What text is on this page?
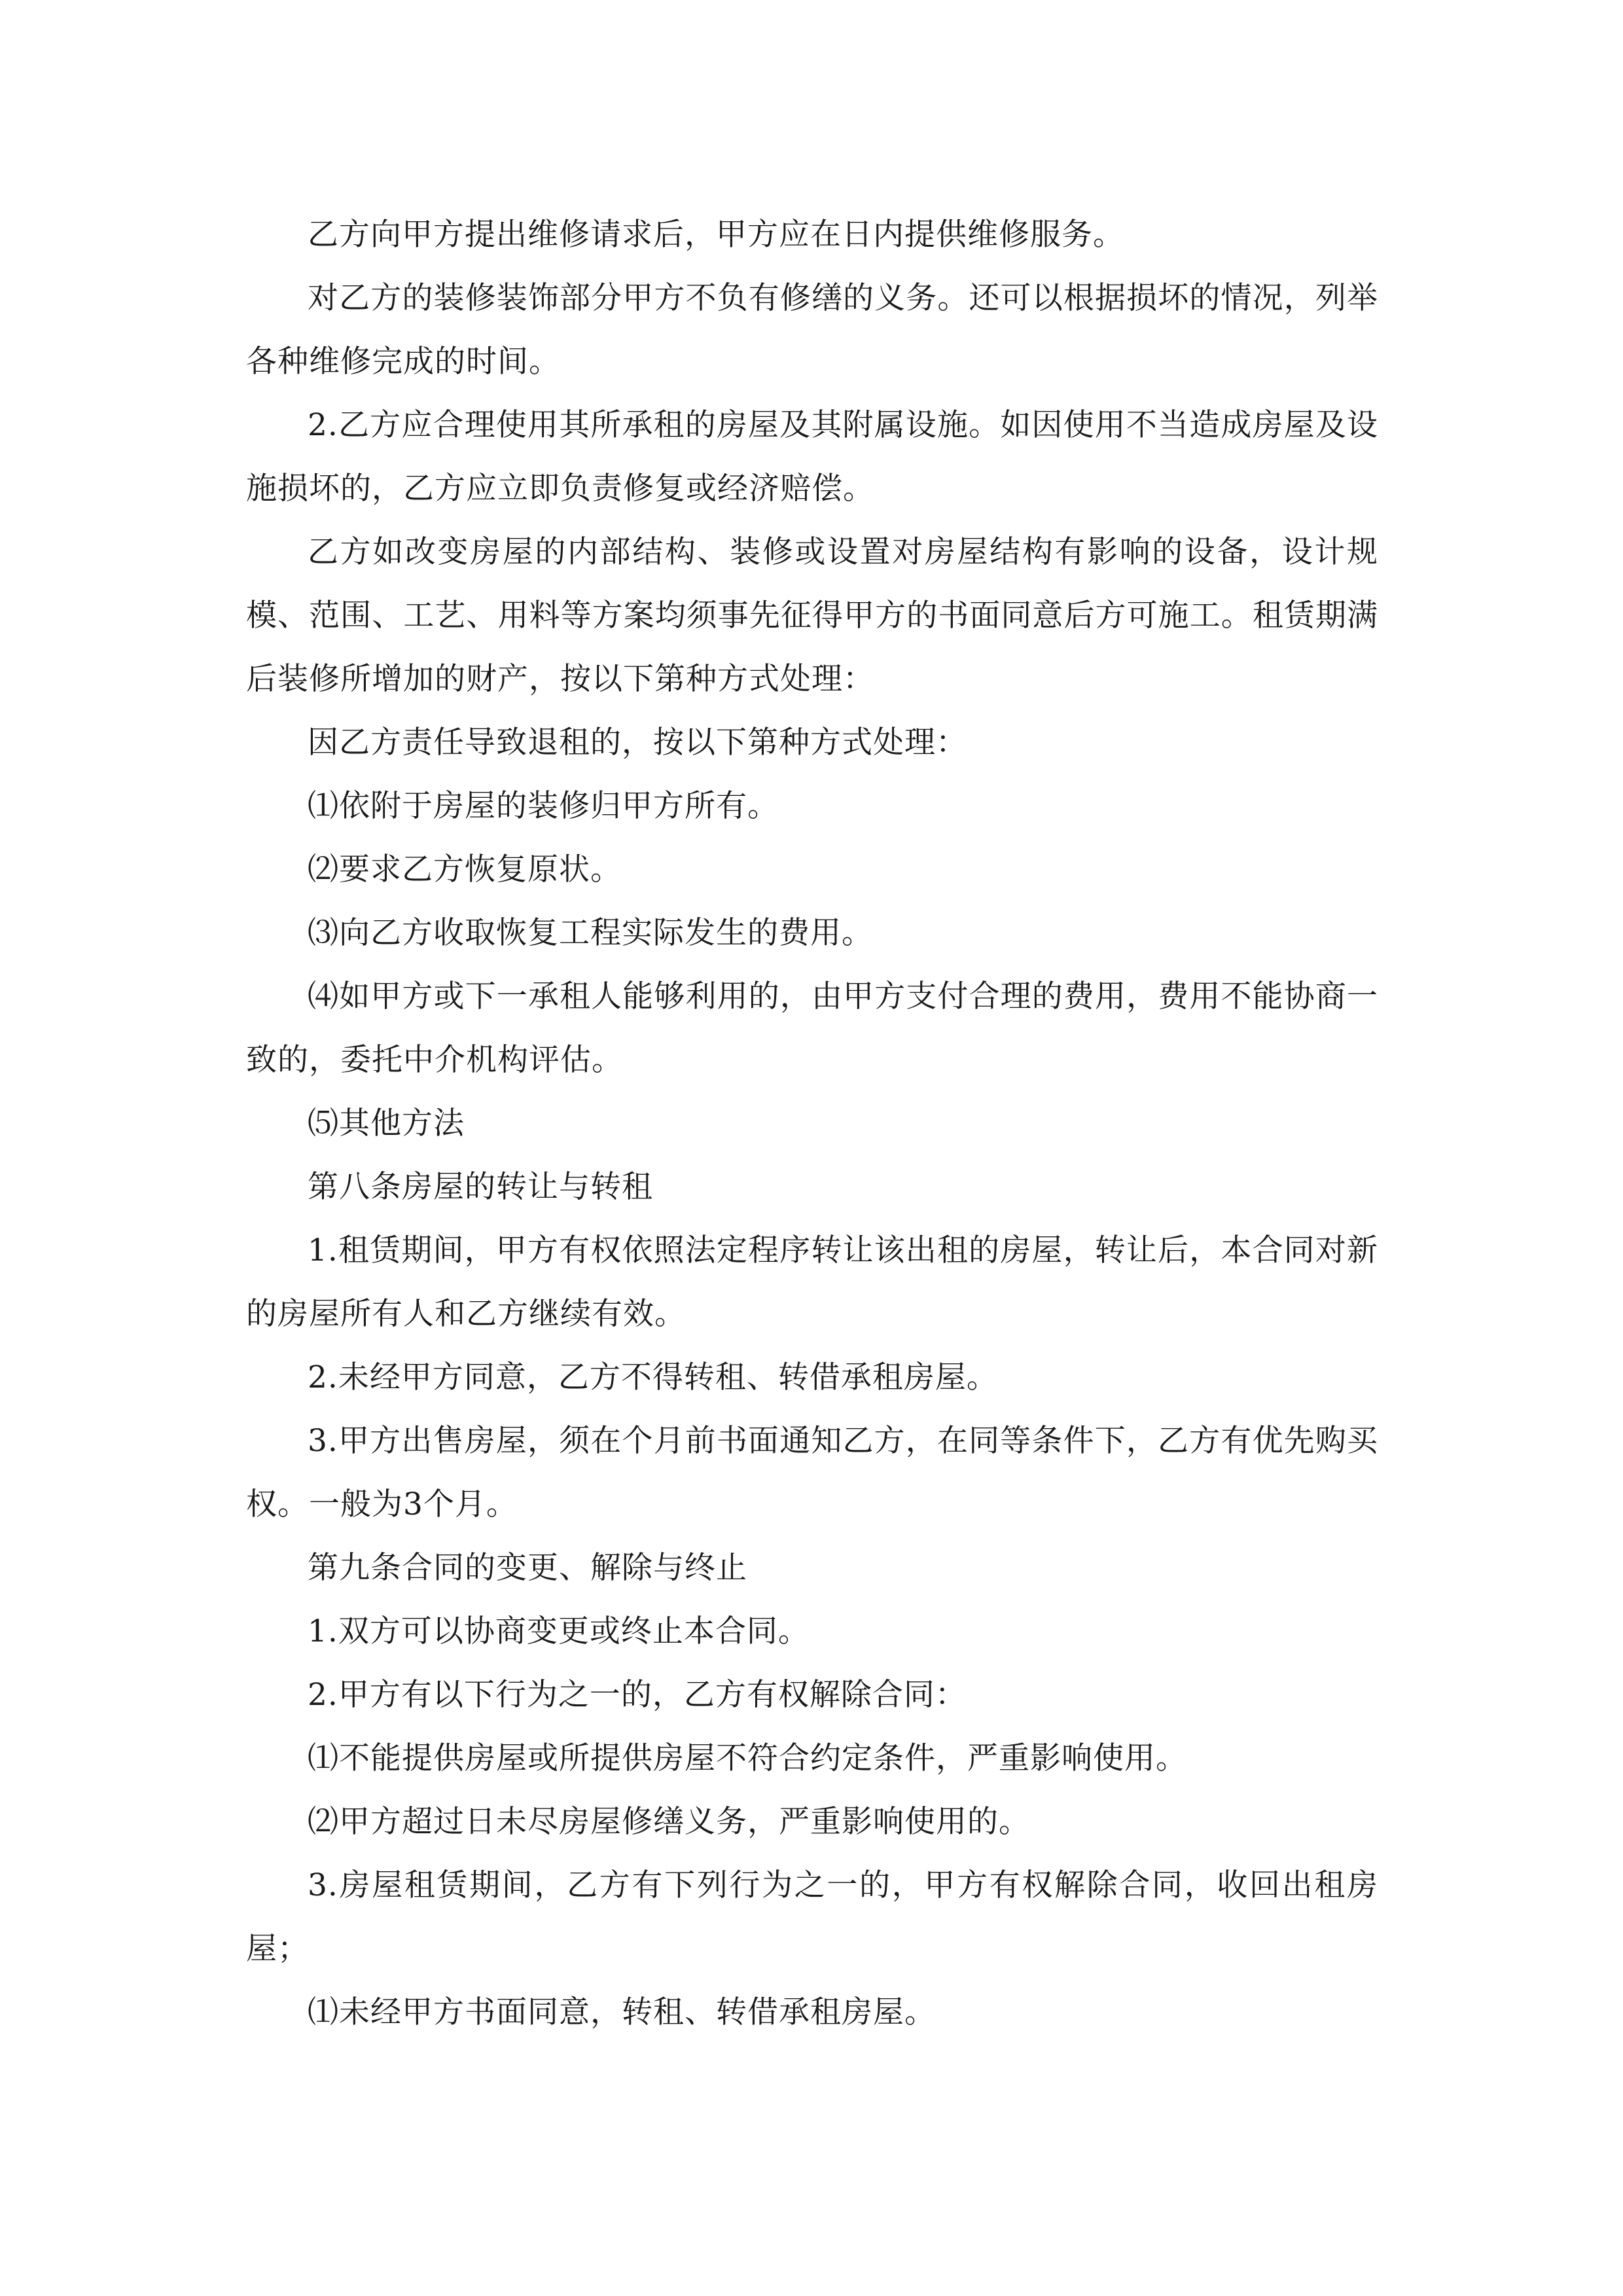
乙方向甲方提出维修请求后，甲方应在日内提供维修服务。

对乙方的装修装饰部分甲方不负有修缮的义务。还可以根据损坏的情况，列举各种维修完成的时间。

2.乙方应合理使用其所承租的房屋及其附属设施。如因使用不当造成房屋及设施损坏的，乙方应立即负责修复或经济赔偿。

乙方如改变房屋的内部结构、装修或设置对房屋结构有影响的设备，设计规模、范围、工艺、用料等方案均须事先征得甲方的书面同意后方可施工。租赁期满后装修所增加的财产，按以下第种方式处理：

因乙方责任导致退租的，按以下第种方式处理：

⑴依附于房屋的装修归甲方所有。

⑵要求乙方恢复原状。

⑶向乙方收取恢复工程实际发生的费用。

⑷如甲方或下一承租人能够利用的，由甲方支付合理的费用，费用不能协商一致的，委托中介机构评估。

⑸其他方法

第八条房屋的转让与转租

1.租赁期间，甲方有权依照法定程序转让该出租的房屋，转让后，本合同对新的房屋所有人和乙方继续有效。

2.未经甲方同意，乙方不得转租、转借承租房屋。

3.甲方出售房屋，须在个月前书面通知乙方，在同等条件下，乙方有优先购买权。一般为3个月。

第九条合同的变更、解除与终止

1.双方可以协商变更或终止本合同。

2.甲方有以下行为之一的，乙方有权解除合同：

⑴不能提供房屋或所提供房屋不符合约定条件，严重影响使用。

⑵甲方超过日未尽房屋修缮义务，严重影响使用的。

3.房屋租赁期间，乙方有下列行为之一的，甲方有权解除合同，收回出租房屋；

⑴未经甲方书面同意，转租、转借承租房屋。
